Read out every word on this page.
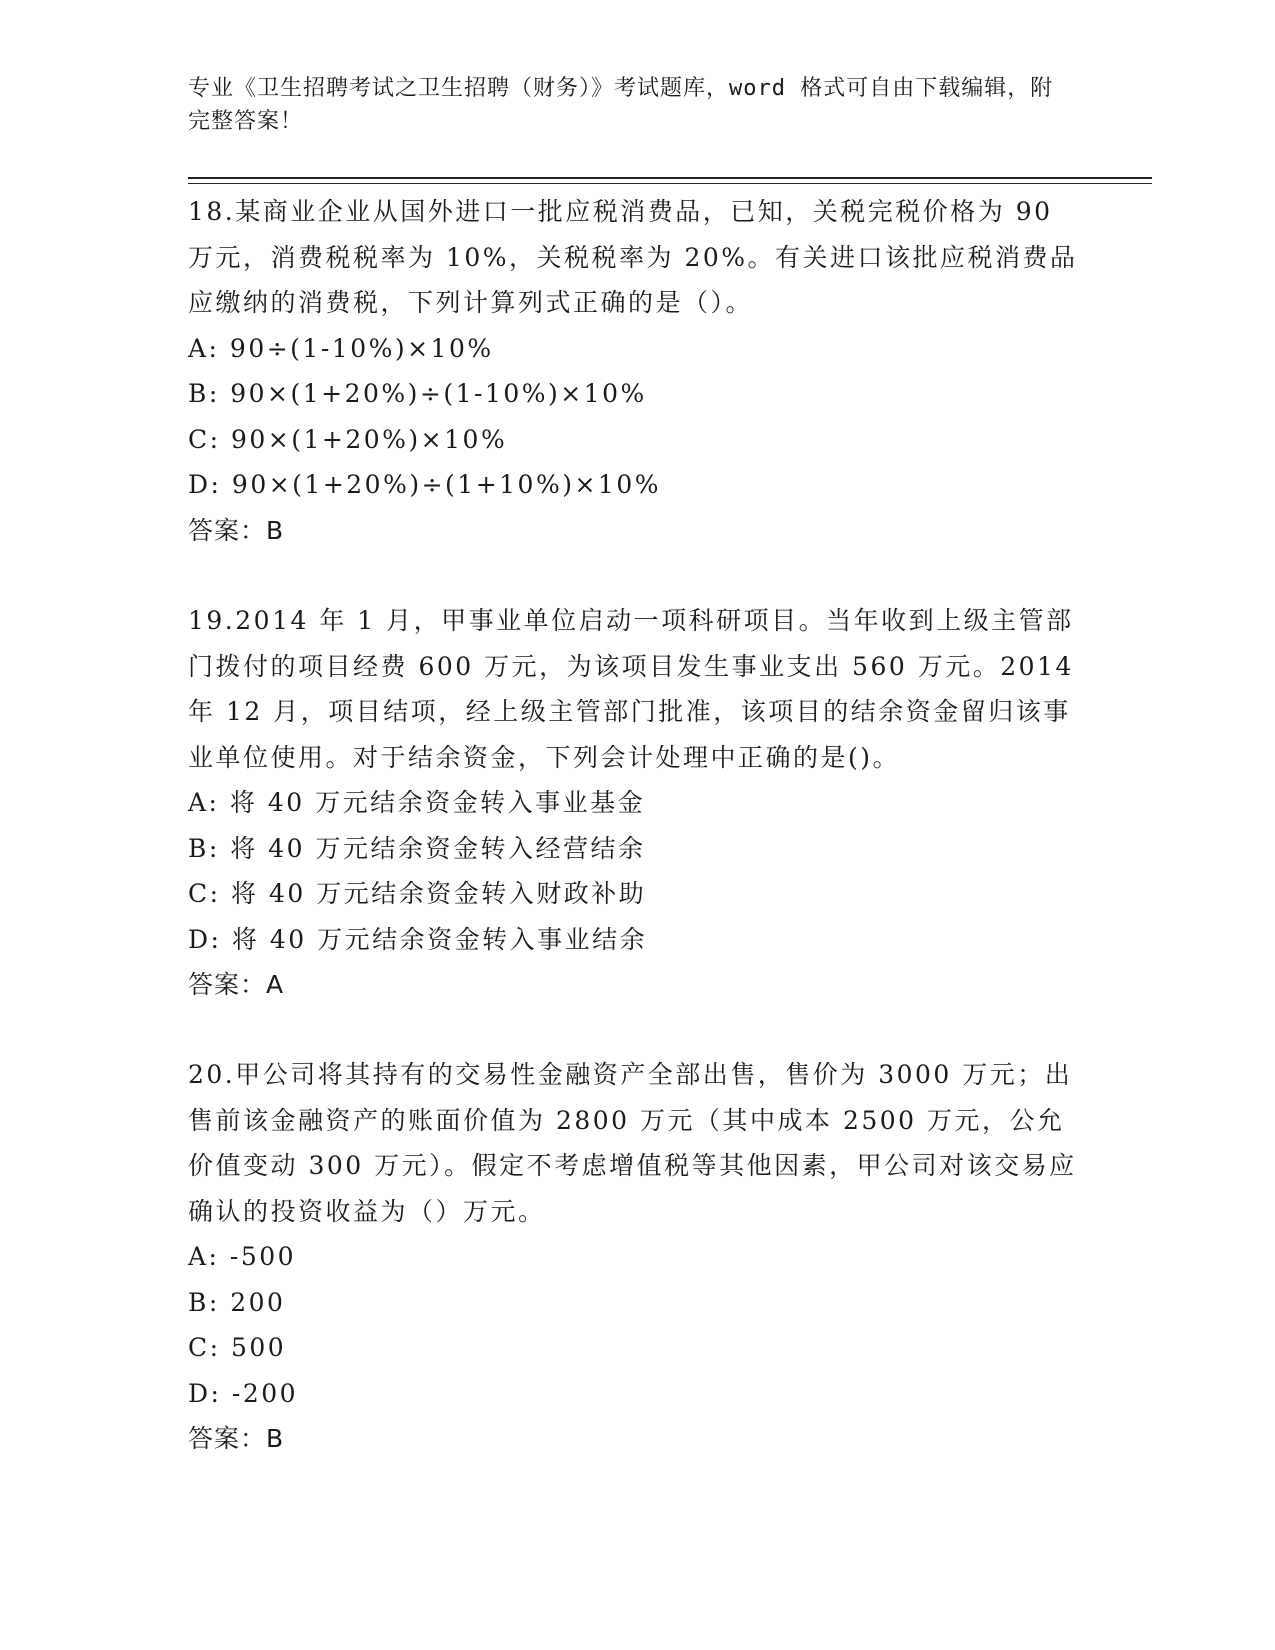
专业《卫生招聘考试之卫生招聘（财务）》考试题库，word 格式可自由下载编辑，附完整答案！

18.某商业企业从国外进口一批应税消费品，已知，关税完税价格为 90 万元，消费税税率为 10%，关税税率为 20%。有关进口该批应税消费品应缴纳的消费税，下列计算列式正确的是（）。

A: 90÷(1-10%)×10%

B: 90×(1+20%)÷(1-10%)×10%

C: 90×(1+20%)×10%

D: 90×(1+20%)÷(1+10%)×10%

答案：B

19.2014 年 1 月，甲事业单位启动一项科研项目。当年收到上级主管部门拨付的项目经费 600 万元，为该项目发生事业支出 560 万元。2014 年 12 月，项目结项，经上级主管部门批准，该项目的结余资金留归该事业单位使用。对于结余资金，下列会计处理中正确的是()。

A: 将 40 万元结余资金转入事业基金

B: 将 40 万元结余资金转入经营结余

C: 将 40 万元结余资金转入财政补助

D: 将 40 万元结余资金转入事业结余

答案：A

20.甲公司将其持有的交易性金融资产全部出售，售价为 3000 万元；出售前该金融资产的账面价值为 2800 万元（其中成本 2500 万元，公允价值变动 300 万元）。假定不考虑增值税等其他因素，甲公司对该交易应确认的投资收益为（）万元。

A: -500

B: 200

C: 500

D: -200

答案：B
